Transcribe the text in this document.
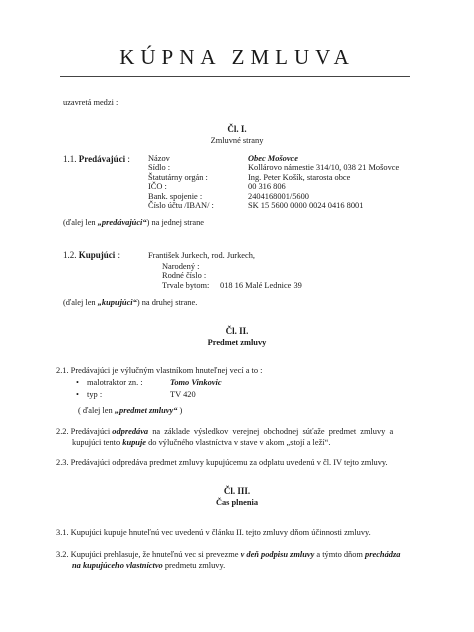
KÚPNA ZMLUVA
uzavretá medzi :
Čl. I.
Zmluvné strany
1.1. Predávajúci : Názov	Obec Mošovce
Sídlo :	Kollárovo námestie 314/10, 038 21 Mošovce
Štatutárny orgán :	Ing. Peter Košík, starosta obce
IČO :	00 316 806
Bank. spojenie :	2404168001/5600
Číslo účtu /IBAN/ :	SK 15 5600 0000 0024 0416 8001
(ďalej len „predávajúci“) na jednej strane
1.2. Kupujúci :	František Jurkech, rod. Jurkech,
Narodený :
Rodné číslo :
Trvale bytom:	018 16 Malé Lednice 39
(ďalej len „kupujúci“) na druhej strane.
Čl. II.
Predmet zmluvy
2.1. Predávajúci je výlučným vlastníkom hnuteľnej vecí a to :
• malotraktor zn. :	Tomo Vinkovic
• typ :	TV 420
( ďalej len „predmet zmluvy“ )
2.2. Predávajúci odpredáva na základe výsledkov verejnej obchodnej súťaže predmet zmluvy a
kupujúci tento kupuje do výlučného vlastníctva v stave v akom „stojí a leží“.
2.3. Predávajúci odpredáva predmet zmluvy kupujúcemu za odplatu uvedenú v čl. IV tejto zmluvy.
Čl. III.
Čas plnenia
3.1. Kupujúci kupuje hnuteľnú vec uvedenú v článku II. tejto zmluvy dňom účinnosti zmluvy.
3.2. Kupujúci prehlasuje, že hnuteľnú vec si prevezme v deň podpisu zmluvy a týmto dňom prechádza
na kupujúceho vlastníctvo predmetu zmluvy.
